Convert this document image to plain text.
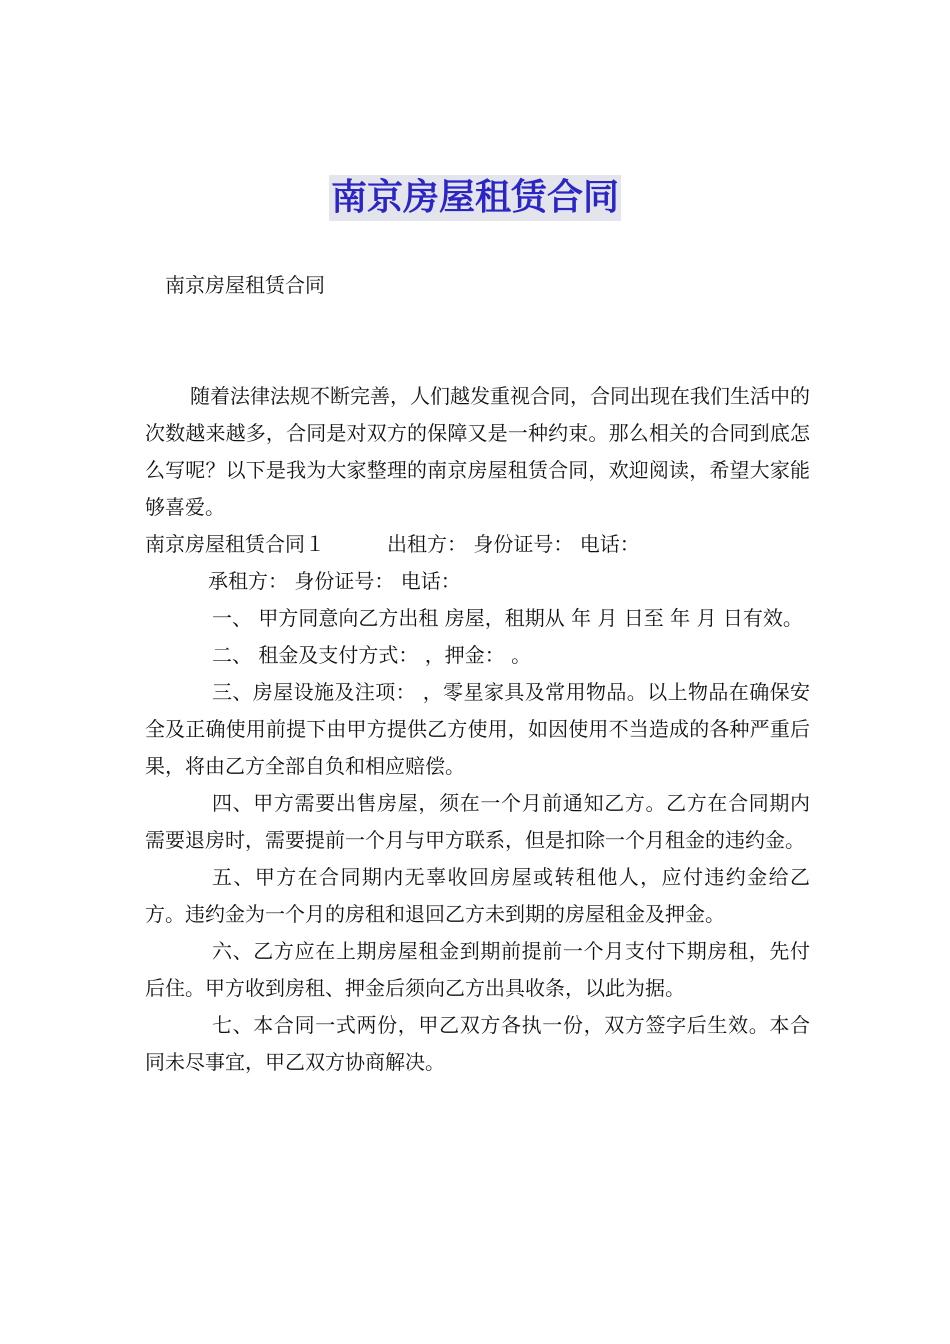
南京房屋租赁合同

南京房屋租赁合同

随着法律法规不断完善，人们越发重视合同，合同出现在我们生活中的次数越来越多，合同是对双方的保障又是一种约束。那么相关的合同到底怎么写呢？以下是我为大家整理的南京房屋租赁合同，欢迎阅读，希望大家能够喜爱。

南京房屋租赁合同１	出租方： 身份证号： 电话：

承租方： 身份证号： 电话：

一、 甲方同意向乙方出租 房屋，租期从 年 月 日至 年 月 日有效。

二、 租金及支付方式： ，押金： 。

三、房屋设施及注项： ，零星家具及常用物品。以上物品在确保安全及正确使用前提下由甲方提供乙方使用，如因使用不当造成的各种严重后果，将由乙方全部自负和相应赔偿。

四、甲方需要出售房屋，须在一个月前通知乙方。乙方在合同期内需要退房时，需要提前一个月与甲方联系，但是扣除一个月租金的违约金。

五、甲方在合同期内无辜收回房屋或转租他人，应付违约金给乙方。违约金为一个月的房租和退回乙方未到期的房屋租金及押金。

六、乙方应在上期房屋租金到期前提前一个月支付下期房租，先付后住。甲方收到房租、押金后须向乙方出具收条，以此为据。

七、本合同一式两份，甲乙双方各执一份，双方签字后生效。本合同未尽事宜，甲乙双方协商解决。
